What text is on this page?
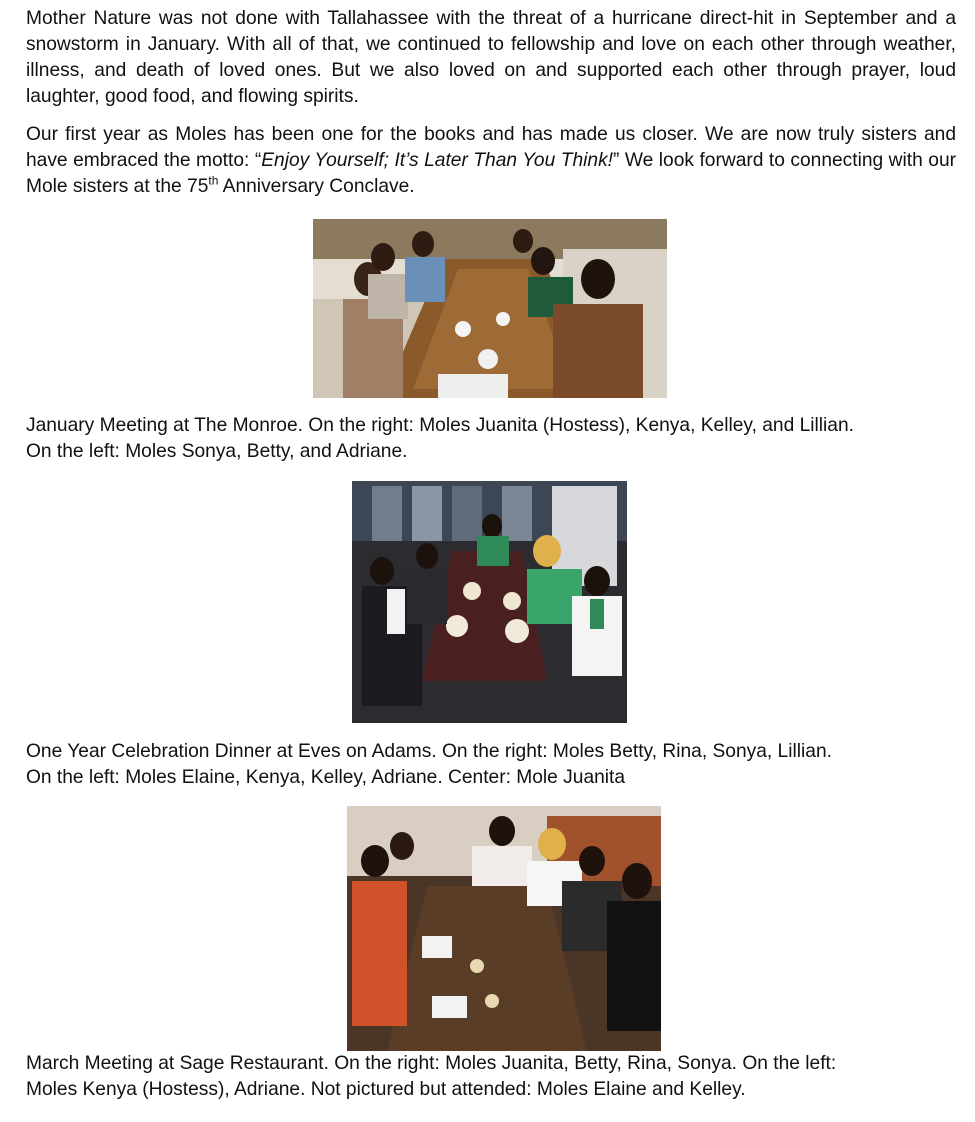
Mother Nature was not done with Tallahassee with the threat of a hurricane direct-hit in September and a snowstorm in January. With all of that, we continued to fellowship and love on each other through weather, illness, and death of loved ones. But we also loved on and supported each other through prayer, loud laughter, good food, and flowing spirits.

Our first year as Moles has been one for the books and has made us closer. We are now truly sisters and have embraced the motto: “Enjoy Yourself; It’s Later Than You Think!” We look forward to connecting with our Mole sisters at the 75th Anniversary Conclave.

January Meeting at The Monroe. On the right: Moles Juanita (Hostess), Kenya, Kelley, and Lillian.

On the left: Moles Sonya, Betty, and Adriane.

One Year Celebration Dinner at Eves on Adams. On the right: Moles Betty, Rina, Sonya, Lillian.

On the left: Moles Elaine, Kenya, Kelley, Adriane. Center: Mole Juanita

March Meeting at Sage Restaurant. On the right: Moles Juanita, Betty, Rina, Sonya. On the left:

Moles Kenya (Hostess), Adriane. Not pictured but attended: Moles Elaine and Kelley.
